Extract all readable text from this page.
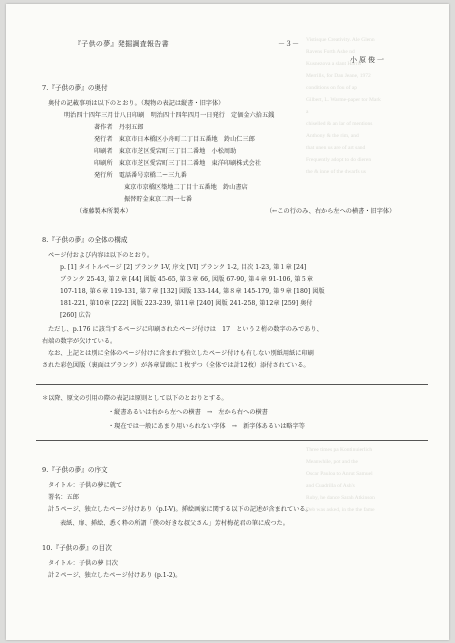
Vistisque Creativity. Ale Glenn
Ravens Forth Ashe nd
Kusnezova a slant Harris
Merrills, for Dan Jeane, 1972
conditions on fou of ap
Gilbert, L. Warme-paper tor Mark
a
chiselled & an lar of mentions
Anthony & the rim, and
that unen us are of art sand
Frequently adopt to do dieren
the & inne of the dwarfs us
Three times pa Kontinuierlich
Meanwhile, pot and the
Oscar Pauloa to Anrut Samuel
and Cuadrilla of Ash's
Ruby, he dance Sarah Atkinson
Deb was asked, in the the fame
『子供の夢』発掘調査報告書	－３－
小原俊一
7.『子供の夢』の奥付
奥付の記載事項は以下のとおり。（現物の表記は縦書・旧字体）
明治四十四年三月廿八日印刷　明治四十四年四月一日発行　定価金六拾五銭
著作者　丹羽五郎
発行者　東京市日本橋区小舟町二丁目五番地　鈴山仁三郎
印刷者　東京市芝区愛宕町三丁目二番地　小松周助
印刷所　東京市芝区愛宕町三丁目二番地　東洋印刷株式会社
発行所　電話番号京橋二ー三九番
東京市京橋区築地二丁目十五番地　鈴山書店
振替貯金東京二四一七番
（斎藤製本所製本）	（←この行のみ、右から左への横書・旧字体）
8.『子供の夢』の全体の構成
ページ付および内容は以下のとおり。
p. [1] タイトルページ [2] ブランク I-V, 序文 [VI] ブランク 1-2, 目次 1-23, 第１章 [24]
ブランク 25-43, 第２章 [44] 図版 45-65, 第３章 66, 図版 67-90, 第４章 91-106, 第５章
107-118, 第６章 119-131, 第７章 [132] 図版 133-144, 第８章 145-179, 第９章 [180] 図版
181-221, 第10章 [222] 図版 223-239, 第11章 [240] 図版 241-258, 第12章 [259] 奥付
[260] 広告
ただし、p.176 に該当するページに印刷されたページ付けは　17　という２桁の数字のみであり、
右端の数字が欠けている。
なお、上記とは別に全体のページ付けに含まれず独立したページ付けも有しない別紙用紙に印刷
された彩色図版（裏面はブランク）が各章冒頭に１枚ずつ（全体では計12枚）添付されている。
＊以降、原文の引用の際の表記は原則として以下のとおりとする。
・縦書あるいは右から左への横書　→　左から右への横書
・現在では一般にあまり用いられない字体　→　新字体あるいは略字等
9.『子供の夢』の序文
タイトル：子供の夢に就て
署名：五郎
計５ページ、独立したページ付けあり（p.I-V)。挿絵画家に関する以下の記述が含まれている。
表紙、扉、挿絵、悉く粋の所謂「僕の好きな叔父さん」芳村梅花君の筆に成つた。
10.『子供の夢』の目次
タイトル：子供の夢 目次
計２ページ、独立したページ付けあり (p.1-2)。
